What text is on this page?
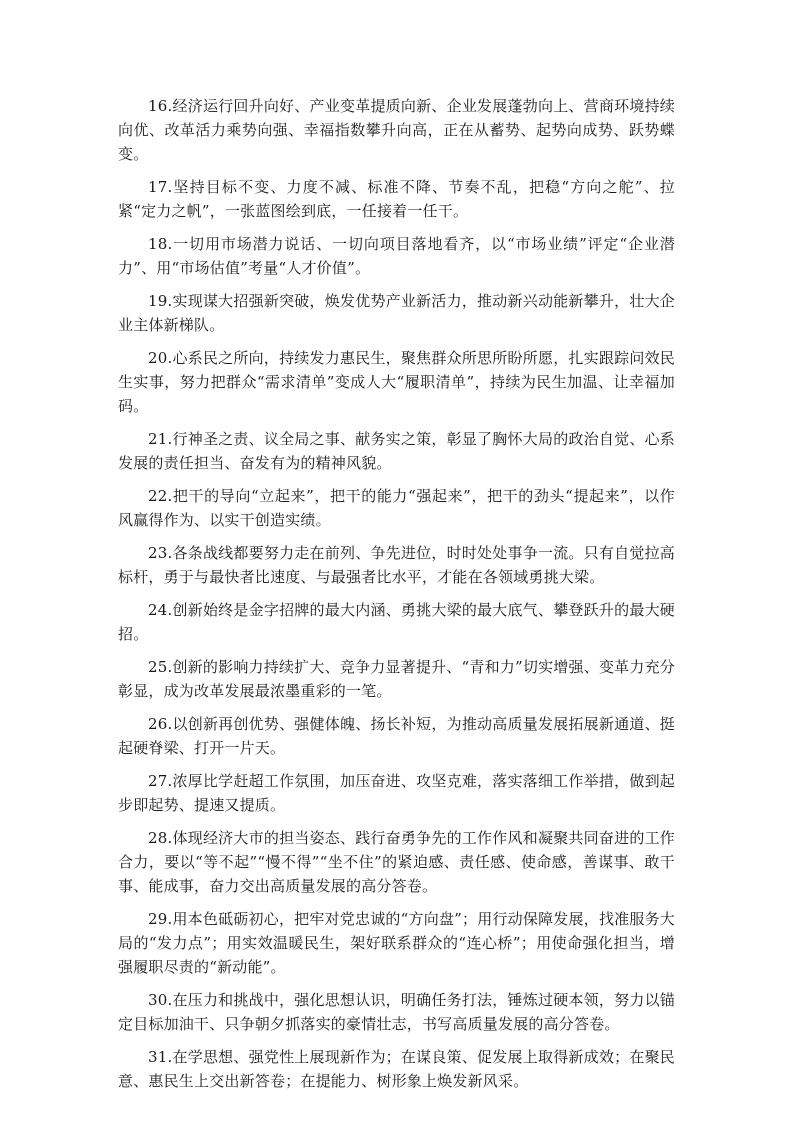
16.经济运行回升向好、产业变革提质向新、企业发展蓬勃向上、营商环境持续向优、改革活力乘势向强、幸福指数攀升向高，正在从蓄势、起势向成势、跃势蝶变。

17.坚持目标不变、力度不减、标准不降、节奏不乱，把稳“方向之舵”、拉紧“定力之帆”，一张蓝图绘到底，一任接着一任干。

18.一切用市场潜力说话、一切向项目落地看齐，以“市场业绩”评定“企业潜力”、用“市场估值”考量“人才价值”。

19.实现谋大招强新突破，焕发优势产业新活力，推动新兴动能新攀升，壮大企业主体新梯队。

20.心系民之所向，持续发力惠民生，聚焦群众所思所盼所愿，扎实跟踪问效民生实事，努力把群众“需求清单”变成人大“履职清单”，持续为民生加温、让幸福加码。

21.行神圣之责、议全局之事、献务实之策，彰显了胸怀大局的政治自觉、心系发展的责任担当、奋发有为的精神风貌。

22.把干的导向“立起来”，把干的能力“强起来”，把干的劲头“提起来”，以作风赢得作为、以实干创造实绩。

23.各条战线都要努力走在前列、争先进位，时时处处事争一流。只有自觉拉高标杆，勇于与最快者比速度、与最强者比水平，才能在各领域勇挑大梁。

24.创新始终是金字招牌的最大内涵、勇挑大梁的最大底气、攀登跃升的最大硬招。

25.创新的影响力持续扩大、竞争力显著提升、“青和力”切实增强、变革力充分彰显，成为改革发展最浓墨重彩的一笔。

26.以创新再创优势、强健体魄、扬长补短，为推动高质量发展拓展新通道、挺起硬脊梁、打开一片天。

27.浓厚比学赶超工作氛围，加压奋进、攻坚克难，落实落细工作举措，做到起步即起势、提速又提质。

28.体现经济大市的担当姿态、践行奋勇争先的工作作风和凝聚共同奋进的工作合力，要以“等不起”“慢不得”“坐不住”的紧迫感、责任感、使命感，善谋事、敢干事、能成事，奋力交出高质量发展的高分答卷。

29.用本色砥砺初心，把牢对党忠诚的“方向盘”；用行动保障发展，找准服务大局的“发力点”；用实效温暖民生，架好联系群众的“连心桥”；用使命强化担当，增强履职尽责的“新动能”。

30.在压力和挑战中，强化思想认识，明确任务打法，锤炼过硬本领，努力以锚定目标加油干、只争朝夕抓落实的豪情壮志，书写高质量发展的高分答卷。

31.在学思想、强党性上展现新作为；在谋良策、促发展上取得新成效；在聚民意、惠民生上交出新答卷；在提能力、树形象上焕发新风采。
